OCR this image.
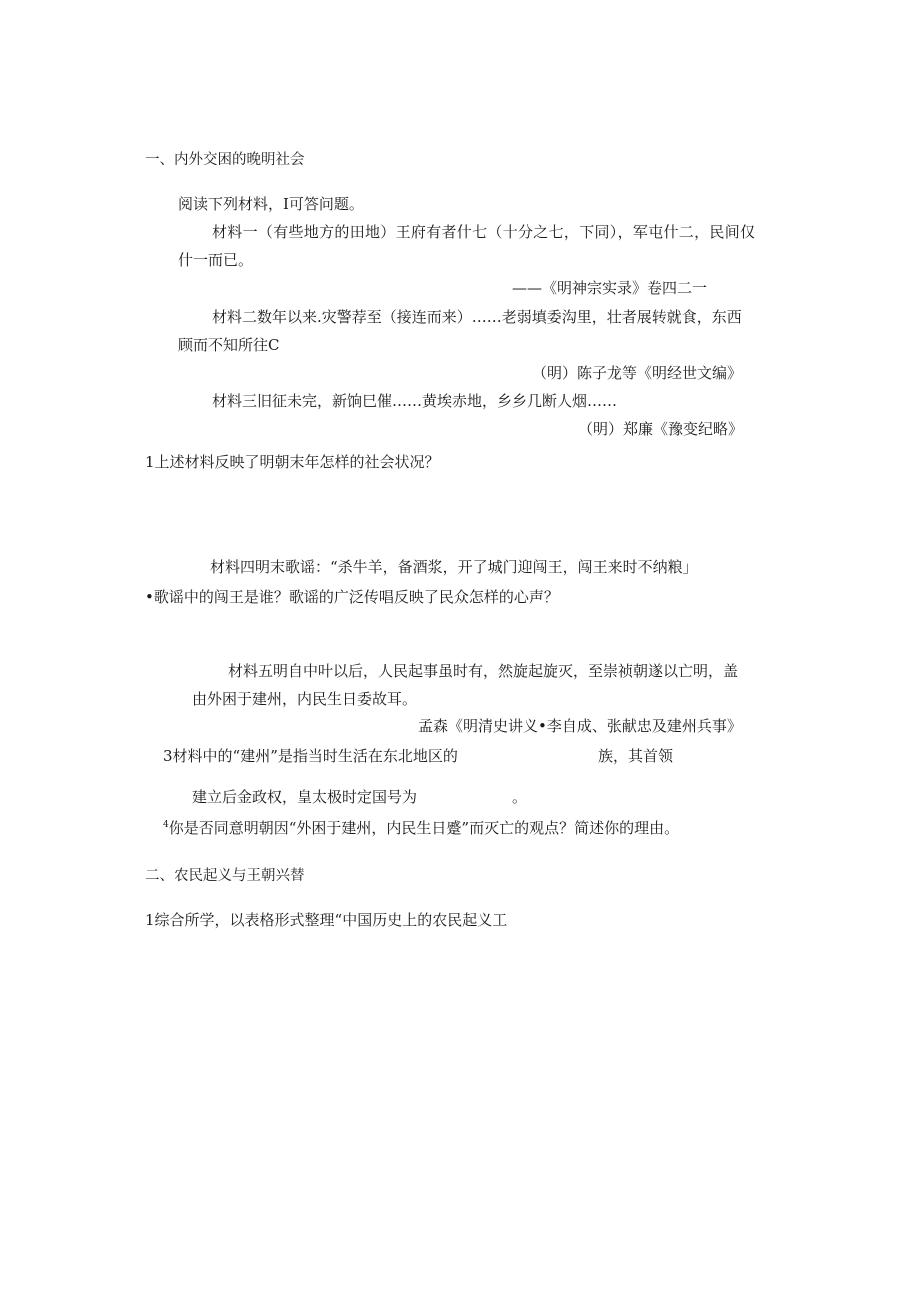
一、内外交困的晚明社会
阅读下列材料，I可答问题。
材料一（有些地方的田地）王府有者什七（十分之七，下同），军屯什二，民间仅
什一而已。
——《明神宗实录》卷四二一
材料二数年以来.灾警荐至（接连而来）……老弱填委沟里，壮者展转就食，东西
顾而不知所往C
（明）陈子龙等《明经世文编》
材料三旧征未完，新饷巳催……黄埃赤地，乡乡几断人烟……
（明）郑廉《豫变纪略》
1上述材料反映了明朝末年怎样的社会状况？
材料四明末歌谣：“杀牛羊，备酒浆，开了城门迎闯王，闯王来时不纳粮」
•歌谣中的闯王是谁？歌谣的广泛传唱反映了民众怎样的心声？
材料五明自中叶以后，人民起事虽时有，然旋起旋灭，至崇祯朝遂以亡明，盖
由外困于建州，内民生日委故耳。
孟森《明清史讲义•李自成、张献忠及建州兵事》
3材料中的“建州”是指当时生活在东北地区的	族，其首领
建立后金政权，皇太极时定国号为	。
$^4$你是否同意明朝因“外困于建州，内民生日蹙”而灭亡的观点？简述你的理由。
二、农民起义与王朝兴替
1综合所学，以表格形式整理“中国历史上的农民起义工
